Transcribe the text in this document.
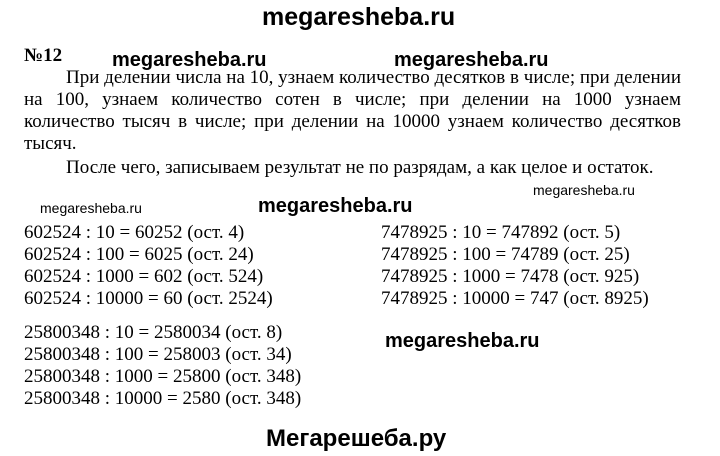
megaresheba.ru
megaresheba.ru	megaresheba.ru
megaresheba.ru
megaresheba.ru	megaresheba.ru
megaresheba.ru
Мегарешеба.ру
№12
При делении числа на 10, узнаем количество десятков в числе; при делении на 100, узнаем количество сотен в числе; при делении на 1000 узнаем количество тысяч в числе; при делении на 10000 узнаем количество десятков тысяч.
После чего, записываем результат не по разрядам, а как целое и остаток.
602524 : 10 = 60252 (ост. 4)
602524 : 100 = 6025 (ост. 24)
602524 : 1000 = 602 (ост. 524)
602524 : 10000 = 60 (ост. 2524)
7478925 : 10 = 747892 (ост. 5)
7478925 : 100 = 74789 (ост. 25)
7478925 : 1000 = 7478 (ост. 925)
7478925 : 10000 = 747 (ост. 8925)
25800348 : 10 = 2580034 (ост. 8)
25800348 : 100 = 258003 (ост. 34)
25800348 : 1000 = 25800 (ост. 348)
25800348 : 10000 = 2580 (ост. 348)
